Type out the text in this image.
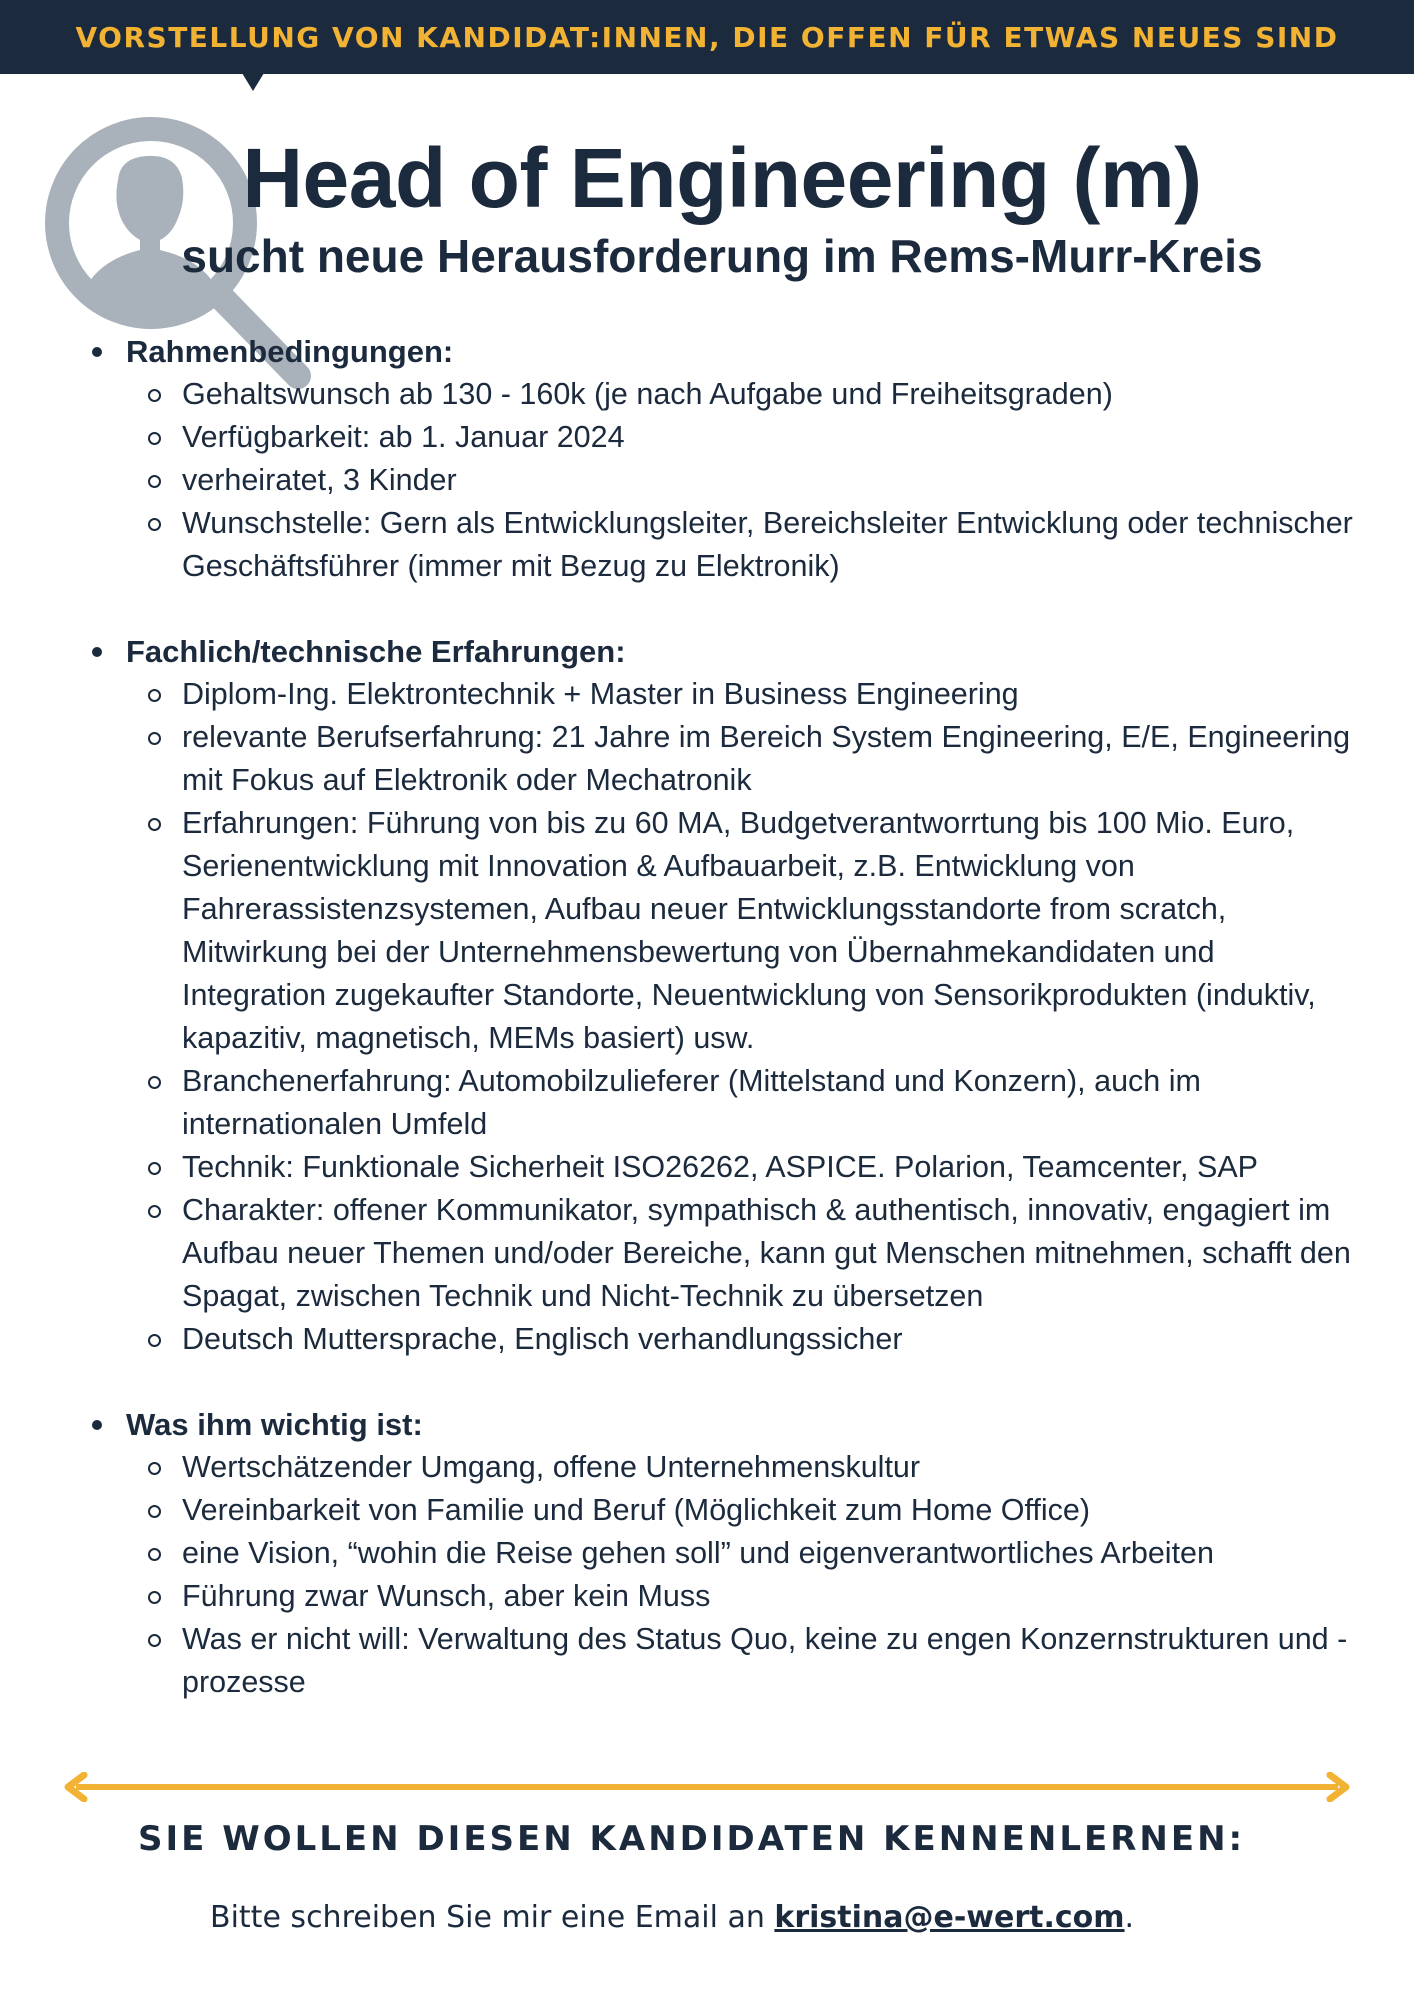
VORSTELLUNG VON KANDIDAT:INNEN, DIE OFFEN FÜR ETWAS NEUES SIND
Head of Engineering (m)
sucht neue Herausforderung im Rems-Murr-Kreis
Rahmenbedingungen:
Gehaltswunsch ab 130 - 160k (je nach Aufgabe und Freiheitsgraden)
Verfügbarkeit: ab 1. Januar 2024
verheiratet, 3 Kinder
Wunschstelle: Gern als Entwicklungsleiter, Bereichsleiter Entwicklung oder technischer Geschäftsführer (immer mit Bezug zu Elektronik)
Fachlich/technische Erfahrungen:
Diplom-Ing. Elektrontechnik + Master in Business Engineering
relevante Berufserfahrung: 21 Jahre im Bereich System Engineering, E/E, Engineering mit Fokus auf Elektronik oder Mechatronik
Erfahrungen: Führung von bis zu 60 MA, Budgetverantworrtung bis 100 Mio. Euro, Serienentwicklung mit Innovation & Aufbauarbeit, z.B. Entwicklung von Fahrerassistenzsystemen, Aufbau neuer Entwicklungsstandorte from scratch, Mitwirkung bei der Unternehmensbewertung von Übernahmekandidaten und Integration zugekaufter Standorte, Neuentwicklung von Sensorikprodukten (induktiv, kapazitiv, magnetisch, MEMs basiert) usw.
Branchenerfahrung: Automobilzulieferer (Mittelstand und Konzern), auch im internationalen Umfeld
Technik: Funktionale Sicherheit ISO26262, ASPICE. Polarion, Teamcenter, SAP
Charakter: offener Kommunikator, sympathisch & authentisch, innovativ, engagiert im Aufbau neuer Themen und/oder Bereiche, kann gut Menschen mitnehmen, schafft den Spagat, zwischen Technik und Nicht-Technik zu übersetzen
Deutsch Muttersprache, Englisch verhandlungssicher
Was ihm wichtig ist:
Wertschätzender Umgang, offene Unternehmenskultur
Vereinbarkeit von Familie und Beruf (Möglichkeit zum Home Office)
eine Vision, “wohin die Reise gehen soll” und eigenverantwortliches Arbeiten
Führung zwar Wunsch, aber kein Muss
Was er nicht will: Verwaltung des Status Quo, keine zu engen Konzernstrukturen und -prozesse
SIE WOLLEN DIESEN KANDIDATEN KENNENLERNEN:
Bitte schreiben Sie mir eine Email an kristina@e-wert.com.
